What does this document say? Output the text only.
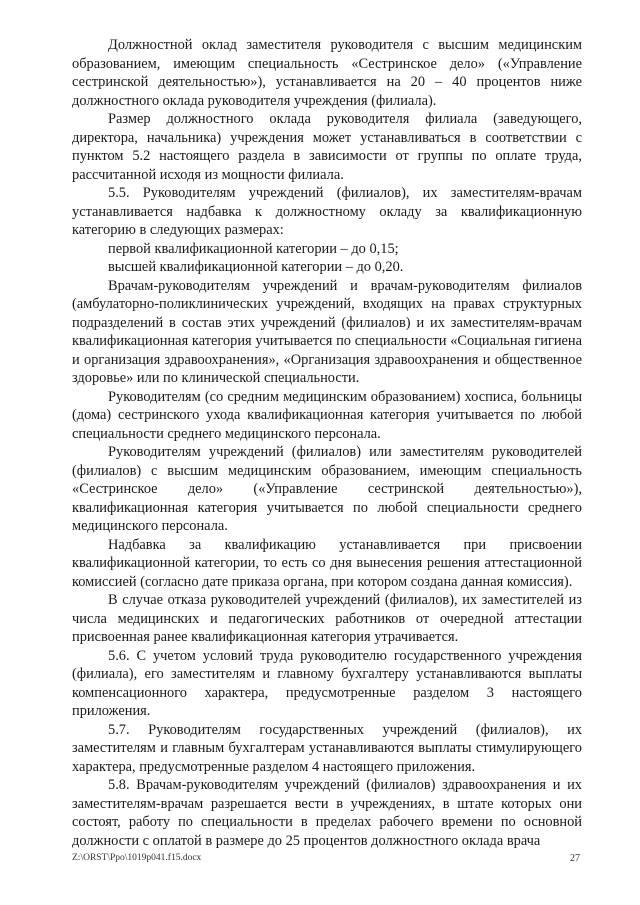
Должностной оклад заместителя руководителя с высшим медицинским образованием, имеющим специальность «Сестринское дело» («Управление сестринской деятельностью»), устанавливается на 20 – 40 процентов ниже должностного оклада руководителя учреждения (филиала).

Размер должностного оклада руководителя филиала (заведующего, директора, начальника) учреждения может устанавливаться в соответствии с пунктом 5.2 настоящего раздела в зависимости от группы по оплате труда, рассчитанной исходя из мощности филиала.

5.5. Руководителям учреждений (филиалов), их заместителям-врачам устанавливается надбавка к должностному окладу за квалификационную категорию в следующих размерах:

первой квалификационной категории – до 0,15;

высшей квалификационной категории – до 0,20.

Врачам-руководителям учреждений и врачам-руководителям филиалов (амбулаторно-поликлинических учреждений, входящих на правах структурных подразделений в состав этих учреждений (филиалов) и их заместителям-врачам квалификационная категория учитывается по специальности «Социальная гигиена и организация здравоохранения», «Организация здравоохранения и общественное здоровье» или по клинической специальности.

Руководителям (со средним медицинским образованием) хосписа, больницы (дома) сестринского ухода квалификационная категория учитывается по любой специальности среднего медицинского персонала.

Руководителям учреждений (филиалов) или заместителям руководителей (филиалов) с высшим медицинским образованием, имеющим специальность «Сестринское дело» («Управление сестринской деятельностью»), квалификационная категория учитывается по любой специальности среднего медицинского персонала.

Надбавка за квалификацию устанавливается при присвоении квалификационной категории, то есть со дня вынесения решения аттестационной комиссией (согласно дате приказа органа, при котором создана данная комиссия).

В случае отказа руководителей учреждений (филиалов), их заместителей из числа медицинских и педагогических работников от очередной аттестации присвоенная ранее квалификационная категория утрачивается.

5.6. С учетом условий труда руководителю государственного учреждения (филиала), его заместителям и главному бухгалтеру устанавливаются выплаты компенсационного характера, предусмотренные разделом 3 настоящего приложения.

5.7. Руководителям государственных учреждений (филиалов), их заместителям и главным бухгалтерам устанавливаются выплаты стимулирующего характера, предусмотренные разделом 4 настоящего приложения.

5.8. Врачам-руководителям учреждений (филиалов) здравоохранения и их заместителям-врачам разрешается вести в учреждениях, в штате которых они состоят, работу по специальности в пределах рабочего времени по основной должности с оплатой в размере до 25 процентов должностного оклада врача

Z:\ORST\Ppo\1019p041.f15.docx	27
